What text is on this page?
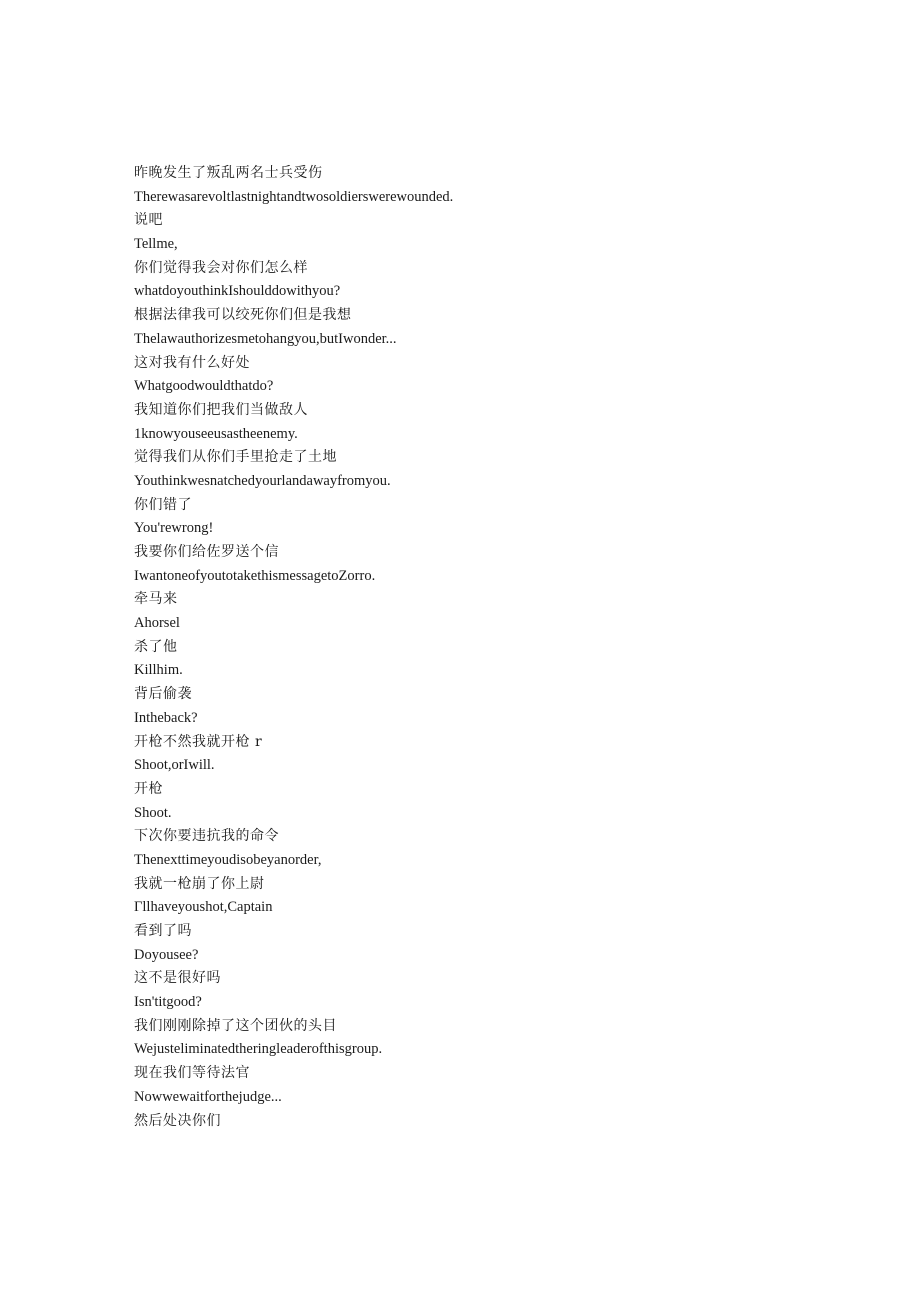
昨晚发生了叛乱两名士兵受伤
Therewasarevoltlastnightandtwosoldierswerewounded.
说吧
Tellme,
你们觉得我会对你们怎么样
whatdoyouthinkIshoulddowithyou?
根据法律我可以绞死你们但是我想
Thelawauthorizesmetohangyou,butIwonder...
这对我有什么好处
Whatgoodwouldthatdo?
我知道你们把我们当做敌人
1knowyouseeusastheenemy.
觉得我们从你们手里抢走了土地
Youthinkwesnatchedyourlandawayfromyou.
你们错了
You'rewrong!
我要你们给佐罗送个信
IwantoneofyoutotakethismessagetoZorro.
牵马来
Ahorsel
杀了他
Killhim.
背后偷袭
Intheback?
开枪不然我就开枪 r
Shoot,orIwill.
开枪
Shoot.
下次你要违抗我的命令
Thenexttimeyoudisobeyanorder,
我就一枪崩了你上尉
Γllhaveyoushot,Captain
看到了吗
Doyousee?
这不是很好吗
Isn'titgood?
我们刚刚除掉了这个团伙的头目
Wejusteliminatedtheringleaderofthisgroup.
现在我们等待法官
Nowwewaitforthejudge...
然后处决你们
